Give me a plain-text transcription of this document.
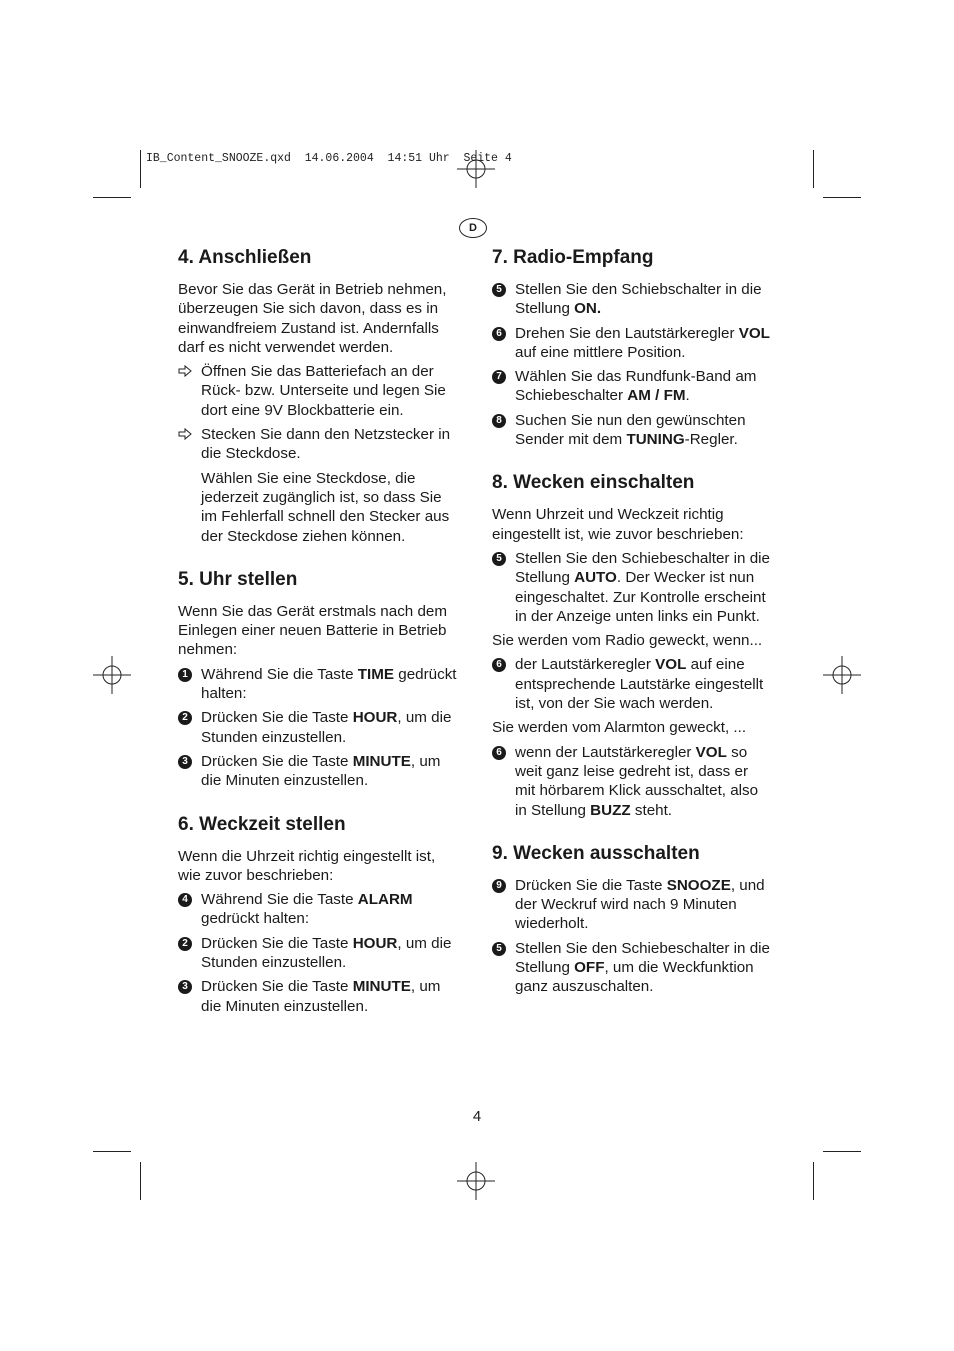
IB_Content_SNOOZE.qxd  14.06.2004  14:51 Uhr  Seite 4
D
4. Anschließen

Bevor Sie das Gerät in Betrieb nehmen, überzeugen Sie sich davon, dass es in einwandfreiem Zustand ist. Andernfalls darf es nicht verwendet werden.

Öffnen Sie das Batteriefach an der Rück- bzw. Unterseite und legen Sie dort eine 9V Blockbatterie ein.
Stecken Sie dann den Netzstecker in die Steckdose.
Wählen Sie eine Steckdose, die jederzeit zugänglich ist, so dass Sie im Fehlerfall schnell den Stecker aus der Steckdose ziehen können.
5. Uhr stellen

Wenn Sie das Gerät erstmals nach dem Einlegen einer neuen Batterie in Betrieb nehmen:

1 Während Sie die Taste TIME gedrückt halten:
2 Drücken Sie die Taste HOUR, um die Stunden einzustellen.
3 Drücken Sie die Taste MINUTE, um die Minuten einzustellen.
6. Weckzeit stellen

Wenn die Uhrzeit richtig eingestellt ist, wie zuvor beschrieben:

4 Während Sie die Taste ALARM gedrückt halten:
2 Drücken Sie die Taste HOUR, um die Stunden einzustellen.
3 Drücken Sie die Taste MINUTE, um die Minuten einzustellen.
7. Radio-Empfang
5 Stellen Sie den Schiebschalter in die Stellung ON.
6 Drehen Sie den Lautstärkeregler VOL auf eine mittlere Position.
7 Wählen Sie das Rundfunk-Band am Schiebeschalter AM / FM.
8 Suchen Sie nun den gewünschten Sender mit dem TUNING-Regler.
8. Wecken einschalten

Wenn Uhrzeit und Weckzeit richtig eingestellt ist, wie zuvor beschrieben:

5 Stellen Sie den Schiebeschalter in die Stellung AUTO. Der Wecker ist nun eingeschaltet. Zur Kontrolle erscheint in der Anzeige unten links ein Punkt.

Sie werden vom Radio geweckt, wenn...

6 der Lautstärkeregler VOL auf eine entsprechende Lautstärke eingestellt ist, von der Sie wach werden.

Sie werden vom Alarmton geweckt, ...

6 wenn der Lautstärkeregler VOL so weit ganz leise gedreht ist, dass er mit hörbarem Klick ausschaltet, also in Stellung BUZZ steht.
9. Wecken ausschalten
9 Drücken Sie die Taste SNOOZE, und der Weckruf wird nach 9 Minuten wiederholt.
5 Stellen Sie den Schiebeschalter in die Stellung OFF, um die Weckfunktion ganz auszuschalten.
4
